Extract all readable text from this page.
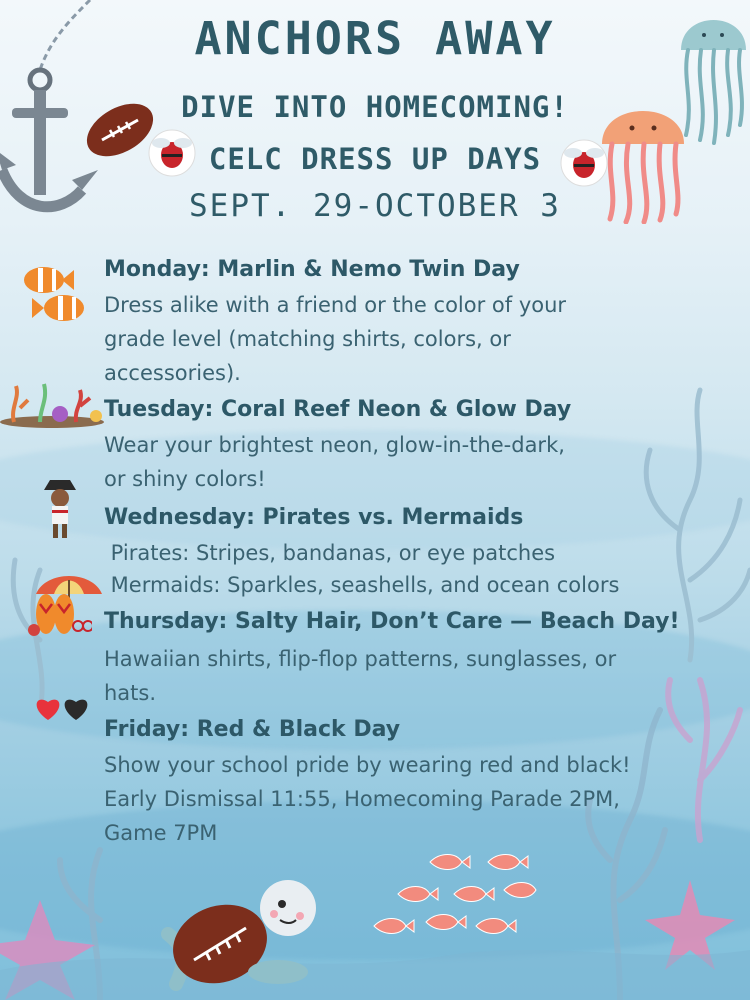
ANCHORS AWAY
DIVE INTO HOMECOMING!
CELC DRESS UP DAYS
SEPT. 29-OCTOBER 3
Monday: Marlin & Nemo Twin Day
Dress alike with a friend or the color of your
grade level (matching shirts, colors, or
accessories).
Tuesday: Coral Reef Neon & Glow Day
Wear your brightest neon, glow-in-the-dark,
or shiny colors!
Wednesday: Pirates vs. Mermaids
Pirates: Stripes, bandanas, or eye patches
Mermaids: Sparkles, seashells, and ocean colors
Thursday: Salty Hair, Don’t Care — Beach Day!
Hawaiian shirts, flip-flop patterns, sunglasses, or
hats.
Friday: Red & Black Day
Show your school pride by wearing red and black!
Early Dismissal 11:55, Homecoming Parade 2PM,
Game 7PM
